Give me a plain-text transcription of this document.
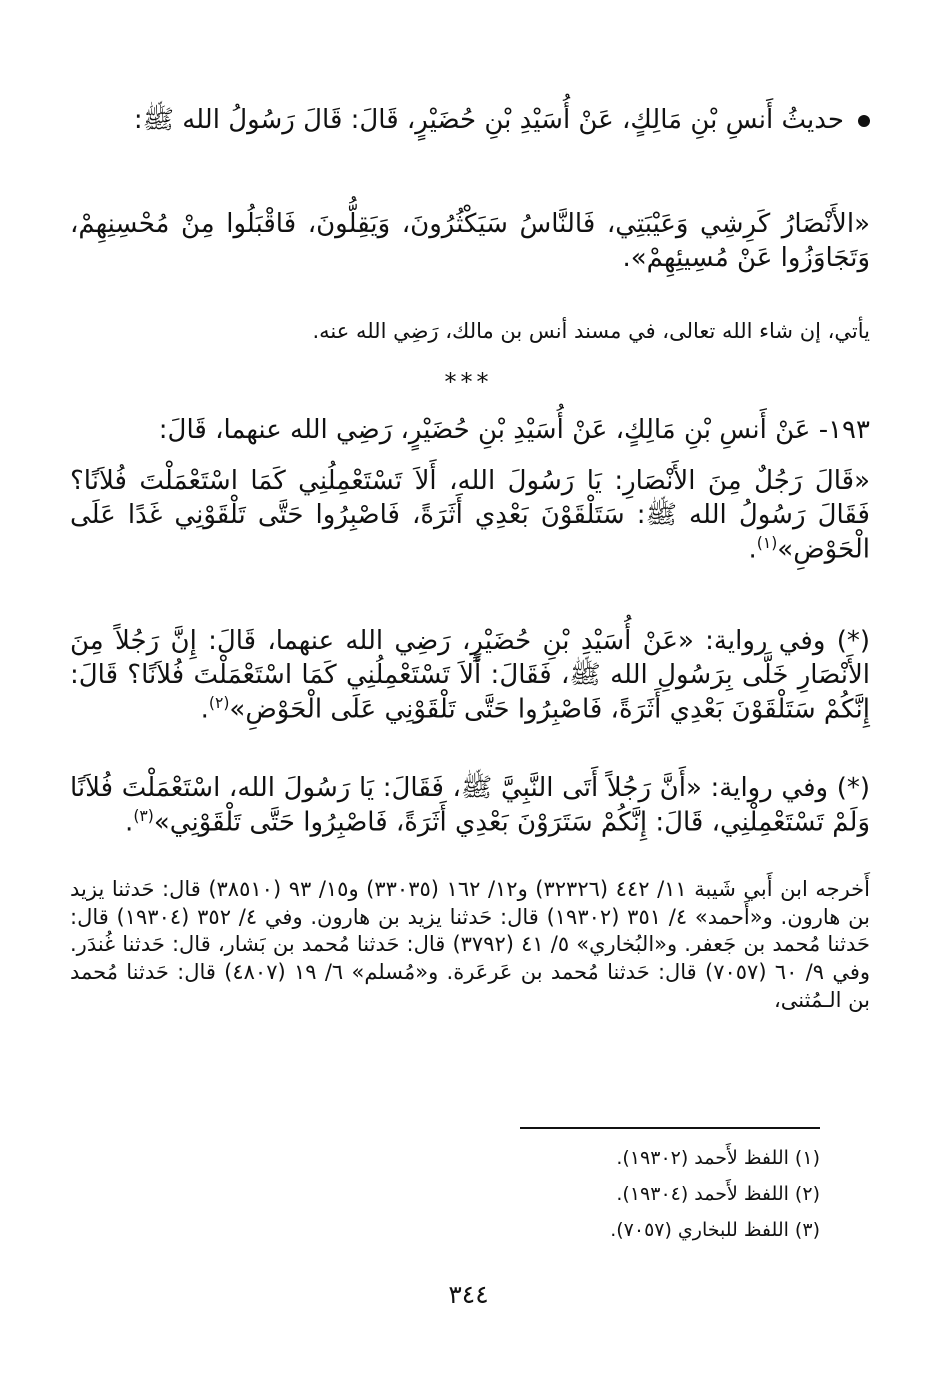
حديثُ أَنسِ بْنِ مَالِكٍ، عَنْ أُسَيْدِ بْنِ حُضَيْرٍ، قَالَ: قَالَ رَسُولُ الله ﷺ:
«الأَنْصَارُ كَرِشِي وَعَيْبَتِي، فَالنَّاسُ سَيَكْثُرُونَ، وَيَقِلُّونَ، فَاقْبَلُوا مِنْ مُحْسِنِهِمْ، وَتَجَاوَزُوا عَنْ مُسِيئِهِمْ».
يأتي، إن شاء الله تعالى، في مسند أنس بن مالك، رَضِي الله عنه.
***
١٩٣- عَنْ أَنسِ بْنِ مَالِكٍ، عَنْ أُسَيْدِ بْنِ حُضَيْرٍ، رَضِي الله عنهما، قَالَ:
«قَالَ رَجُلٌ مِنَ الأَنْصَارِ: يَا رَسُولَ الله، أَلاَ تَسْتَعْمِلُنِي كَمَا اسْتَعْمَلْتَ فُلاَنًا؟ فَقَالَ رَسُولُ الله ﷺ: سَتَلْقَوْنَ بَعْدِي أَثَرَةً، فَاصْبِرُوا حَتَّى تَلْقَوْنِي غَدًا عَلَى الْحَوْضِ»$^{(١)}$.
(*) وفي رواية: «عَنْ أُسَيْدِ بْنِ حُضَيْرٍ، رَضِي الله عنهما، قَالَ: إِنَّ رَجُلاً مِنَ الأَنْصَارِ خَلَّى بِرَسُولِ الله ﷺ، فَقَالَ: أَلاَ تَسْتَعْمِلُنِي كَمَا اسْتَعْمَلْتَ فُلاَنًا؟ قَالَ: إِنَّكُمْ سَتَلْقَوْنَ بَعْدِي أَثَرَةً، فَاصْبِرُوا حَتَّى تَلْقَوْنِي عَلَى الْحَوْضِ»$^{(٢)}$.
(*) وفي رواية: «أَنَّ رَجُلاً أَتَى النَّبِيَّ ﷺ، فَقَالَ: يَا رَسُولَ الله، اسْتَعْمَلْتَ فُلاَنًا وَلَمْ تَسْتَعْمِلْنِي، قَالَ: إِنَّكُمْ سَتَرَوْنَ بَعْدِي أَثَرَةً، فَاصْبِرُوا حَتَّى تَلْقَوْنِي»$^{(٣)}$.
أَخرجه ابن أَبي شَيبة ١١/ ٤٤٢ (٣٢٣٢٦) و١٢/ ١٦٢ (٣٣٠٣٥) و١٥/ ٩٣ (٣٨٥١٠) قال: حَدثنا يزيد بن هارون. و«أَحمد» ٤/ ٣٥١ (١٩٣٠٢) قال: حَدثنا يزيد بن هارون. وفي ٤/ ٣٥٢ (١٩٣٠٤) قال: حَدثنا مُحمد بن جَعفر. و«البُخاري» ٥/ ٤١ (٣٧٩٢) قال: حَدثنا مُحمد بن بَشار، قال: حَدثنا غُندَر. وفي ٩/ ٦٠ (٧٠٥٧) قال: حَدثنا مُحمد بن عَرعَرة. و«مُسلم» ٦/ ١٩ (٤٨٠٧) قال: حَدثنا مُحمد بن الـمُثنى،
(١) اللفظ لأَحمد (١٩٣٠٢).
(٢) اللفظ لأَحمد (١٩٣٠٤).
(٣) اللفظ للبخاري (٧٠٥٧).
٣٤٤
